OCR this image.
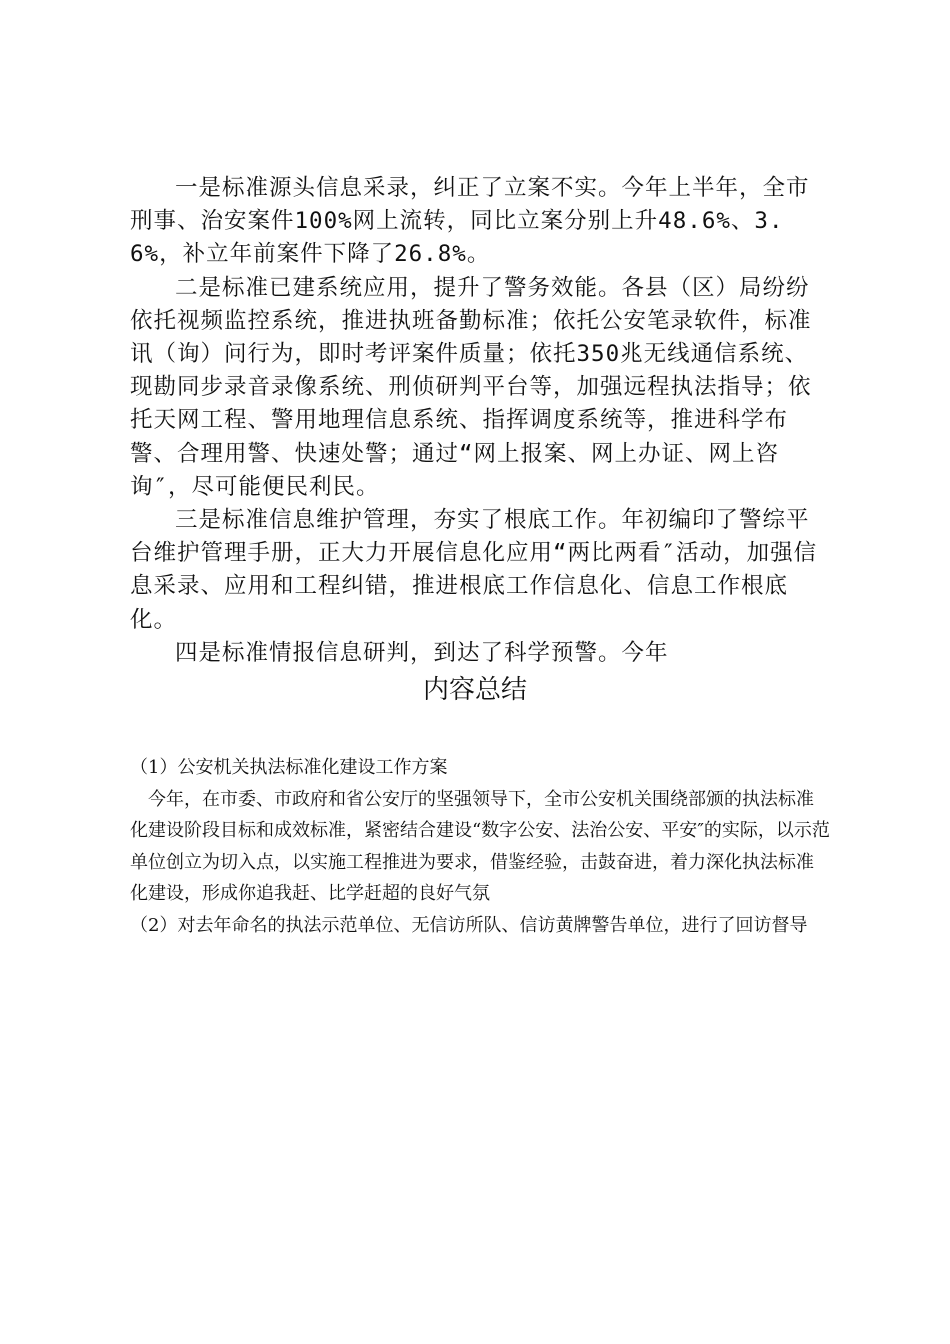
一是标准源头信息采录，纠正了立案不实。今年上半年，全市刑事、治安案件100%网上流转，同比立案分别上升48.6%、3.6%，补立年前案件下降了26.8%。

二是标准已建系统应用，提升了警务效能。各县（区）局纷纷依托视频监控系统，推进执班备勤标准；依托公安笔录软件，标准讯（询）问行为，即时考评案件质量；依托350兆无线通信系统、现勘同步录音录像系统、刑侦研判平台等，加强远程执法指导；依托天网工程、警用地理信息系统、指挥调度系统等，推进科学布警、合理用警、快速处警；通过“网上报案、网上办证、网上咨询″，尽可能便民利民。

三是标准信息维护管理，夯实了根底工作。年初编印了警综平台维护管理手册，正大力开展信息化应用“两比两看″活动，加强信息采录、应用和工程纠错，推进根底工作信息化、信息工作根底化。

四是标准情报信息研判，到达了科学预警。今年

内容总结

（1）公安机关执法标准化建设工作方案

今年，在市委、市政府和省公安厅的坚强领导下，全市公安机关围绕部颁的执法标准化建设阶段目标和成效标准，紧密结合建设“数字公安、法治公安、平安″的实际，以示范单位创立为切入点，以实施工程推进为要求，借鉴经验，击鼓奋进，着力深化执法标准化建设，形成你追我赶、比学赶超的良好气氛

（2）对去年命名的执法示范单位、无信访所队、信访黄牌警告单位，进行了回访督导
